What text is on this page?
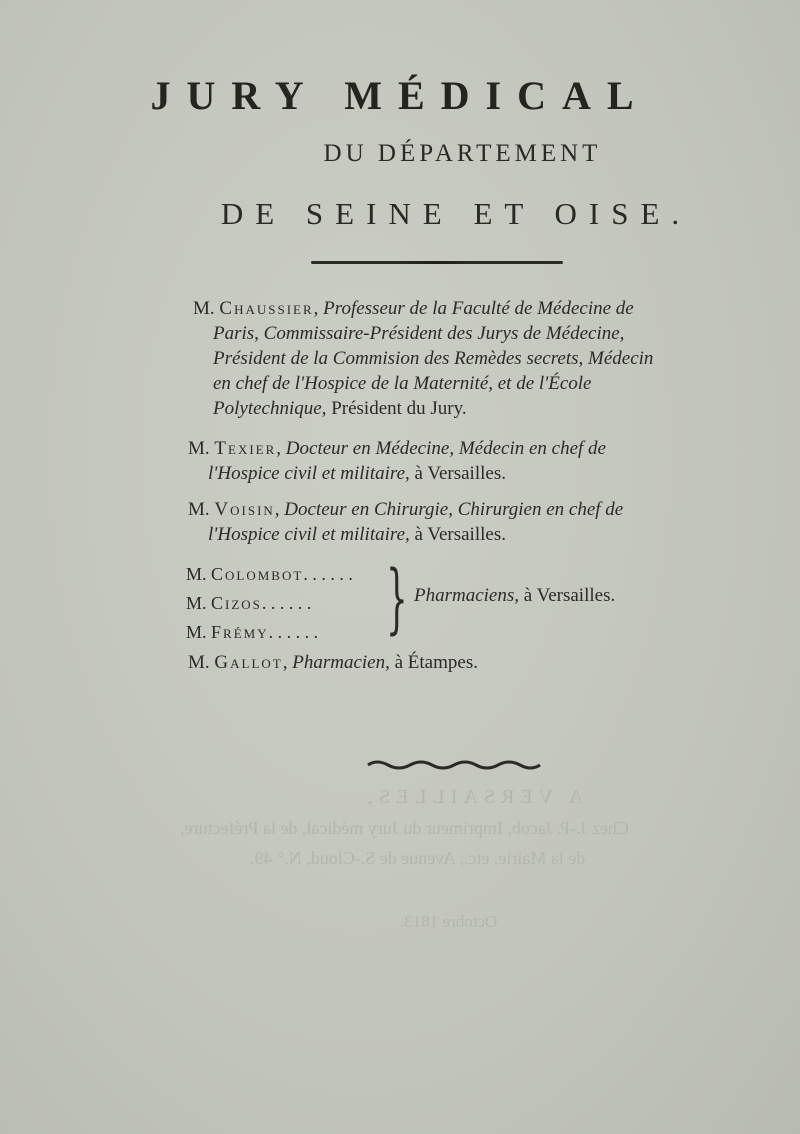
JURY MÉDICAL
DU DÉPARTEMENT
DE SEINE ET OISE.
M. Chaussier, Professeur de la Faculté de Médecine de
Paris, Commissaire-Président des Jurys de Médecine,
Président de la Commision des Remèdes secrets, Médecin
en chef de l'Hospice de la Maternité, et de l'École
Polytechnique, Président du Jury.
M. Texier, Docteur en Médecine, Médecin en chef de
l'Hospice civil et militaire, à Versailles.
M. Voisin, Docteur en Chirurgie, Chirurgien en chef de
l'Hospice civil et militaire, à Versailles.
M. Colombot. . . . . .
M. Cizos. . . . . .
M. Frémy. . . . . . } Pharmaciens, à Versailles.
M. Gallot, Pharmacien, à Étampes.
A VERSAILLES,
Chez J.-P. Jacob, Imprimeur du Jury médical, de la Préfecture,
de la Mairie, etc., Avenue de S.-Cloud, N.° 49.
Octobre 1813.
